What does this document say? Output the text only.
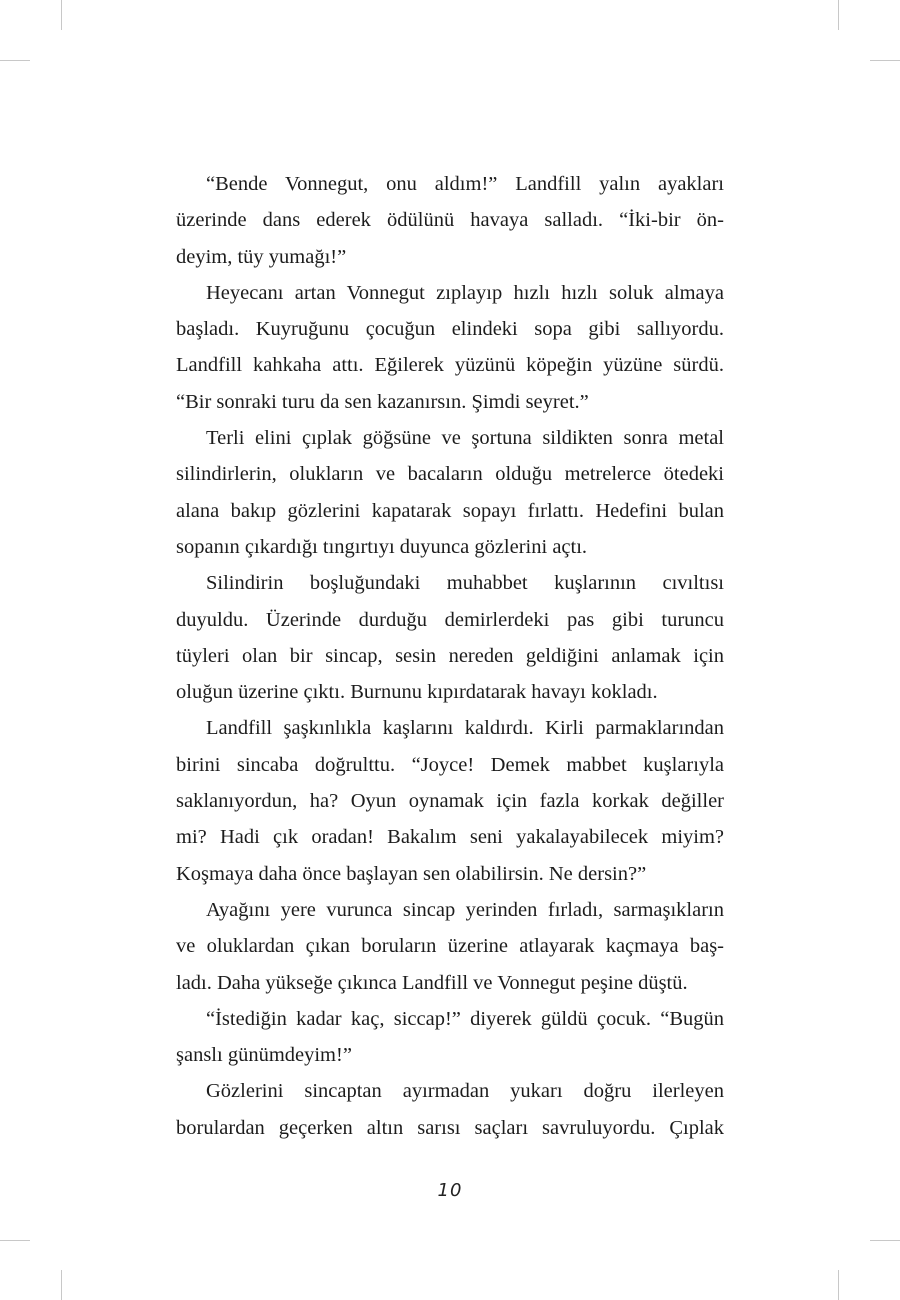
“Bende Vonnegut, onu aldım!” Landfill yalın ayakları
üzerinde dans ederek ödülünü havaya salladı. “İki-bir ön-
deyim, tüy yumağı!”
Heyecanı artan Vonnegut zıplayıp hızlı hızlı soluk almaya
başladı. Kuyruğunu çocuğun elindeki sopa gibi sallıyordu.
Landfill kahkaha attı. Eğilerek yüzünü köpeğin yüzüne sürdü.
“Bir sonraki turu da sen kazanırsın. Şimdi seyret.”
Terli elini çıplak göğsüne ve şortuna sildikten sonra metal
silindirlerin, olukların ve bacaların olduğu metrelerce ötedeki
alana bakıp gözlerini kapatarak sopayı fırlattı. Hedefini bulan
sopanın çıkardığı tıngırtıyı duyunca gözlerini açtı.
Silindirin boşluğundaki muhabbet kuşlarının cıvıltısı
duyuldu. Üzerinde durduğu demirlerdeki pas gibi turuncu
tüyleri olan bir sincap, sesin nereden geldiğini anlamak için
oluğun üzerine çıktı. Burnunu kıpırdatarak havayı kokladı.
Landfill şaşkınlıkla kaşlarını kaldırdı. Kirli parmaklarından
birini sincaba doğrulttu. “Joyce! Demek mabbet kuşlarıyla
saklanıyordun, ha? Oyun oynamak için fazla korkak değiller
mi? Hadi çık oradan! Bakalım seni yakalayabilecek miyim?
Koşmaya daha önce başlayan sen olabilirsin. Ne dersin?”
Ayağını yere vurunca sincap yerinden fırladı, sarmaşıkların
ve oluklardan çıkan boruların üzerine atlayarak kaçmaya baş-
ladı. Daha yükseğe çıkınca Landfill ve Vonnegut peşine düştü.
“İstediğin kadar kaç, siccap!” diyerek güldü çocuk. “Bugün
şanslı günümdeyim!”
Gözlerini sincaptan ayırmadan yukarı doğru ilerleyen
borulardan geçerken altın sarısı saçları savruluyordu. Çıplak
10
